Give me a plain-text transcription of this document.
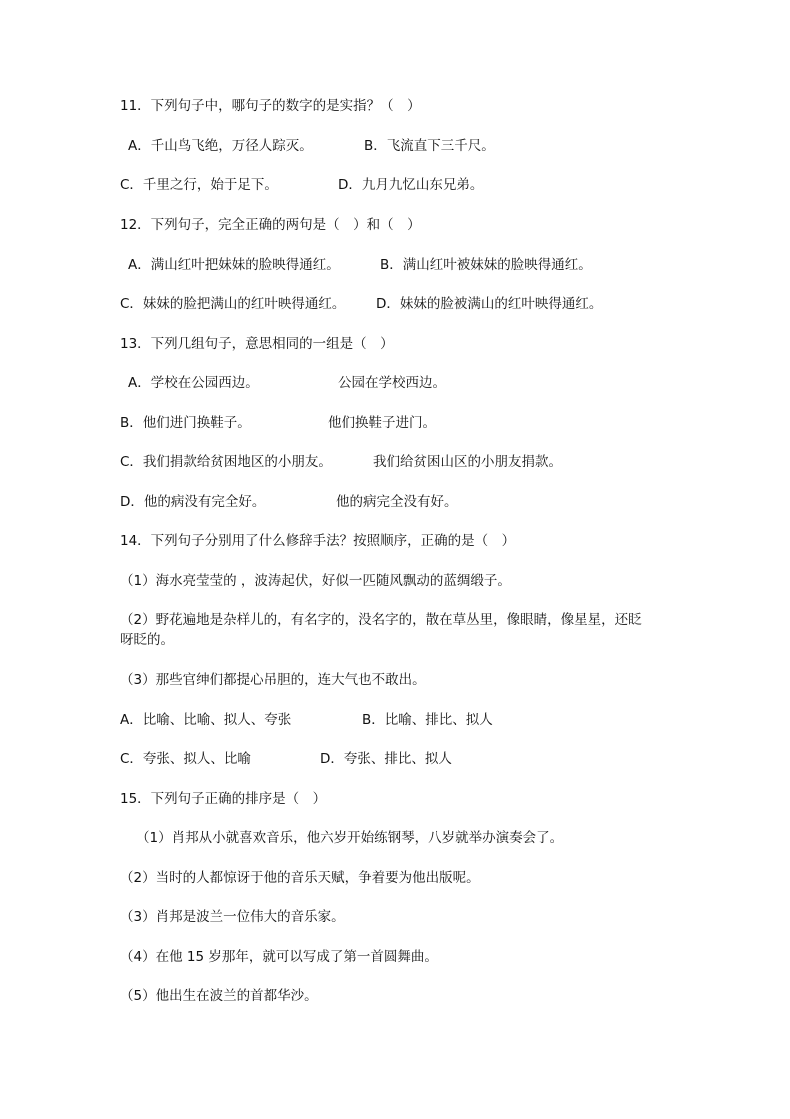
11．下列句子中，哪句子的数字的是实指？（　）
A．千山鸟飞绝，万径人踪灭。	B．飞流直下三千尺。
C．千里之行，始于足下。	D．九月九忆山东兄弟。
12．下列句子，完全正确的两句是（　）和（　）
A．满山红叶把妹妹的脸映得通红。	B．满山红叶被妹妹的脸映得通红。
C．妹妹的脸把满山的红叶映得通红。 D．妹妹的脸被满山的红叶映得通红。
13．下列几组句子，意思相同的一组是（　）
A．学校在公园西边。	公园在学校西边。
B．他们进门换鞋子。	他们换鞋子进门。
C．我们捐款给贫困地区的小朋友。	我们给贫困山区的小朋友捐款。
D．他的病没有完全好。	他的病完全没有好。
14．下列句子分别用了什么修辞手法？按照顺序，正确的是（　）
（1）海水亮莹莹的 ，波涛起伏，好似一匹随风飘动的蓝绸缎子。
（2）野花遍地是杂样儿的，有名字的，没名字的，散在草丛里，像眼睛，像星星，还眨
呀眨的。
（3）那些官绅们都提心吊胆的，连大气也不敢出。
A．比喻、比喻、拟人、夸张	B．比喻、排比、拟人
C．夸张、拟人、比喻	D．夸张、排比、拟人
15．下列句子正确的排序是（　）
（1）肖邦从小就喜欢音乐，他六岁开始练钢琴，八岁就举办演奏会了。
（2）当时的人都惊讶于他的音乐天赋，争着要为他出版呢。
（3）肖邦是波兰一位伟大的音乐家。
（4）在他 15 岁那年，就可以写成了第一首圆舞曲。
（5）他出生在波兰的首都华沙。
